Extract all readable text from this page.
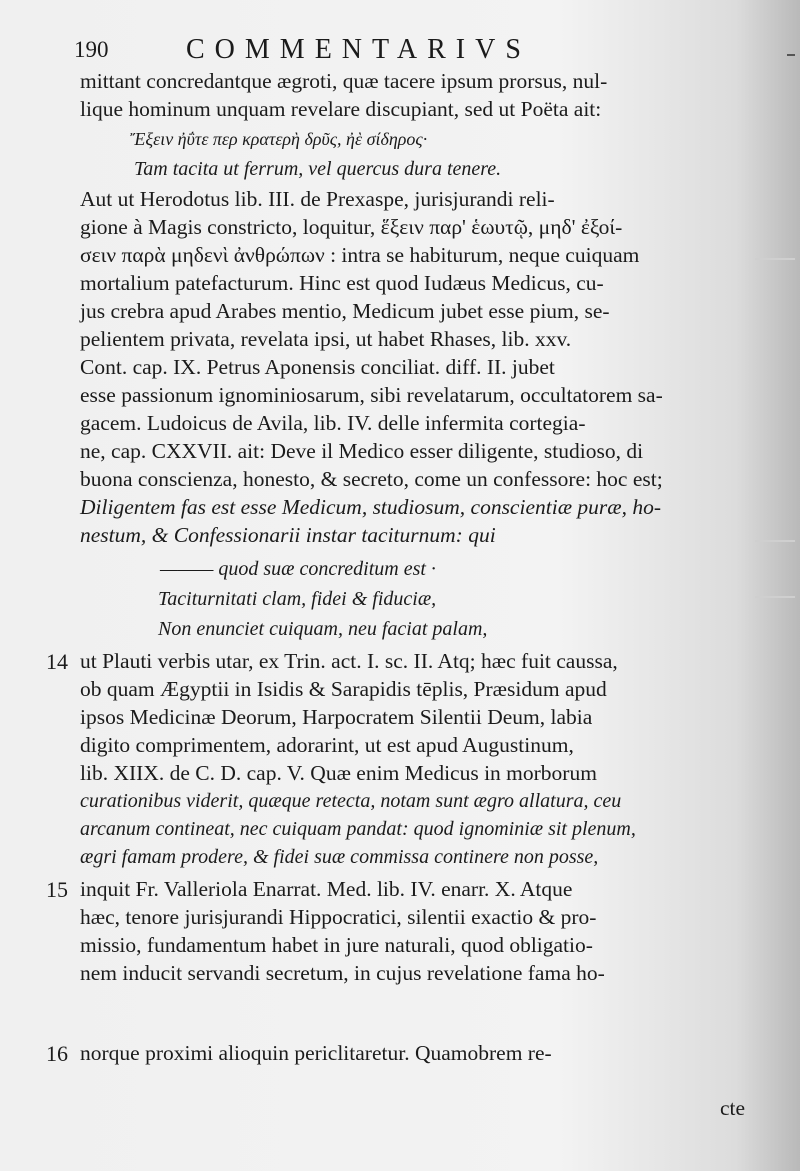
190	COMMENTARIVS
mittant concredantque ægroti, quæ tacere ipsum prorsus, nul-
lique hominum unquam revelare discupiant, sed ut Poëta ait:
Ἔξειν ἠΰτε περ κρατερὴ δρῦς, ἠὲ σίδηρος·
Tam tacita ut ferrum, vel quercus dura tenere.
Aut ut Herodotus lib. III. de Prexaspe, jurisjurandi reli-
gione à Magis constricto, loquitur, ἕξειν παρ' ἑωυτῷ, μηδ' ἐξοί-
σειν παρὰ μηδενὶ ἀνθρώπων : intra se habiturum, neque cuiquam
mortalium patefacturum. Hinc est quod Iudæus Medicus, cu-
jus crebra apud Arabes mentio, Medicum jubet esse pium, se-
pelientem privata, revelata ipsi, ut habet Rhases, lib. xxv.
Cont. cap. IX. Petrus Aponensis conciliat. diff. II. jubet
esse passionum ignominiosarum, sibi revelatarum, occultatorem sa-
gacem. Ludoicus de Avila, lib. IV. delle infermita cortegia-
ne, cap. CXXVII. ait: Deve il Medico esser diligente, studioso, di
buona conscienza, honesto, & secreto, come un confessore: hoc est;
Diligentem fas est esse Medicum, studiosum, conscientiæ puræ, ho-
nestum, & Confessionarii instar taciturnum: qui
——— quod suæ concreditum est ·
Taciturnitati clam, fidei & fiduciæ,
Non enunciet cuiquam, neu faciat palam,
14 ut Plauti verbis utar, ex Trin. act. I. sc. II. Atq; hæc fuit caussa,
ob quam Ægyptii in Isidis & Sarapidis tēplis, Præsidum apud
ipsos Medicinæ Deorum, Harpocratem Silentii Deum, labia
digito comprimentem, adorarint, ut est apud Augustinum,
lib. XIIX. de C. D. cap. V. Quæ enim Medicus in morborum
curationibus viderit, quæque retecta, notam sunt ægro allatura, ceu
arcanum contineat, nec cuiquam pandat: quod ignominiæ sit plenum,
ægri famam prodere, & fidei suæ commissa continere non posse,
15 inquit Fr. Valleriola Enarrat. Med. lib. IV. enarr. X. Atque
hæc, tenore jurisjurandi Hippocratici, silentii exactio & pro-
missio, fundamentum habet in jure naturali, quod obligatio-
nem inducit servandi secretum, in cujus revelatione fama ho-
16 norque proximi alioquin periclitaretur. Quamobrem re-
cte
